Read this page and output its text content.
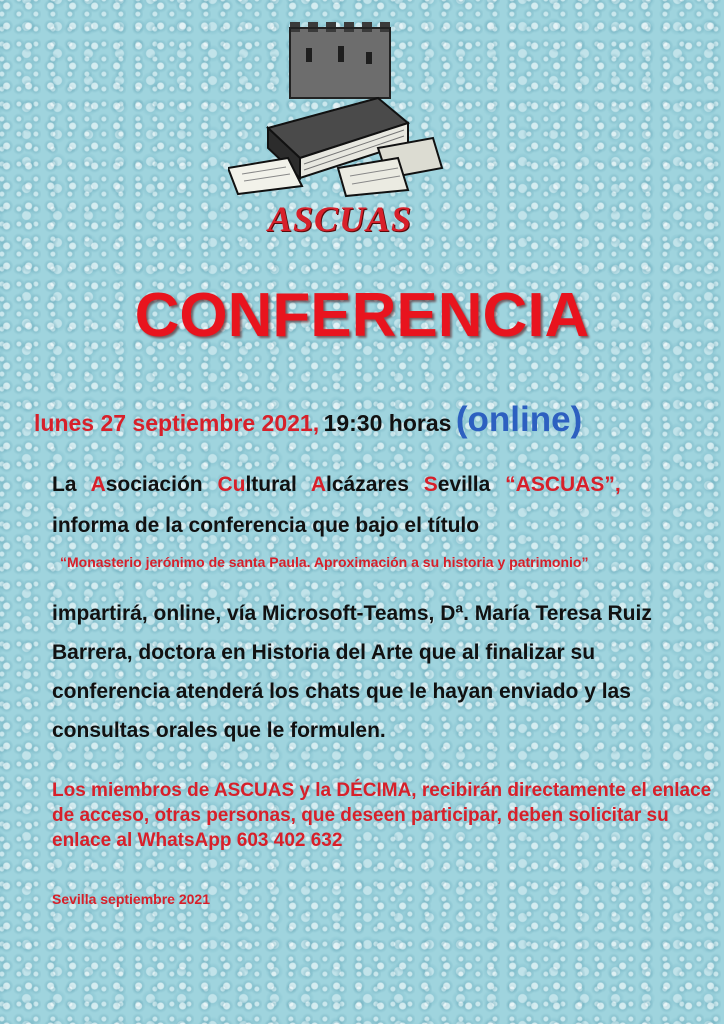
ASCUAS
CONFERENCIA
lunes 27 septiembre 2021, 19:30 horas (online)
La Asociación Cultural Alcázares Sevilla “ASCUAS”,
informa de la conferencia que bajo el título
“Monasterio jerónimo de santa Paula. Aproximación a su historia y patrimonio”
impartirá, online, vía Microsoft-Teams, Dª. María Teresa Ruiz Barrera, doctora en Historia del Arte que al finalizar su conferencia atenderá los chats que le hayan enviado y las consultas orales que le formulen.
Los miembros de ASCUAS y la DÉCIMA, recibirán directamente el enlace de acceso, otras personas, que deseen participar, deben solicitar su enlace al WhatsApp 603 402 632
Sevilla septiembre 2021
